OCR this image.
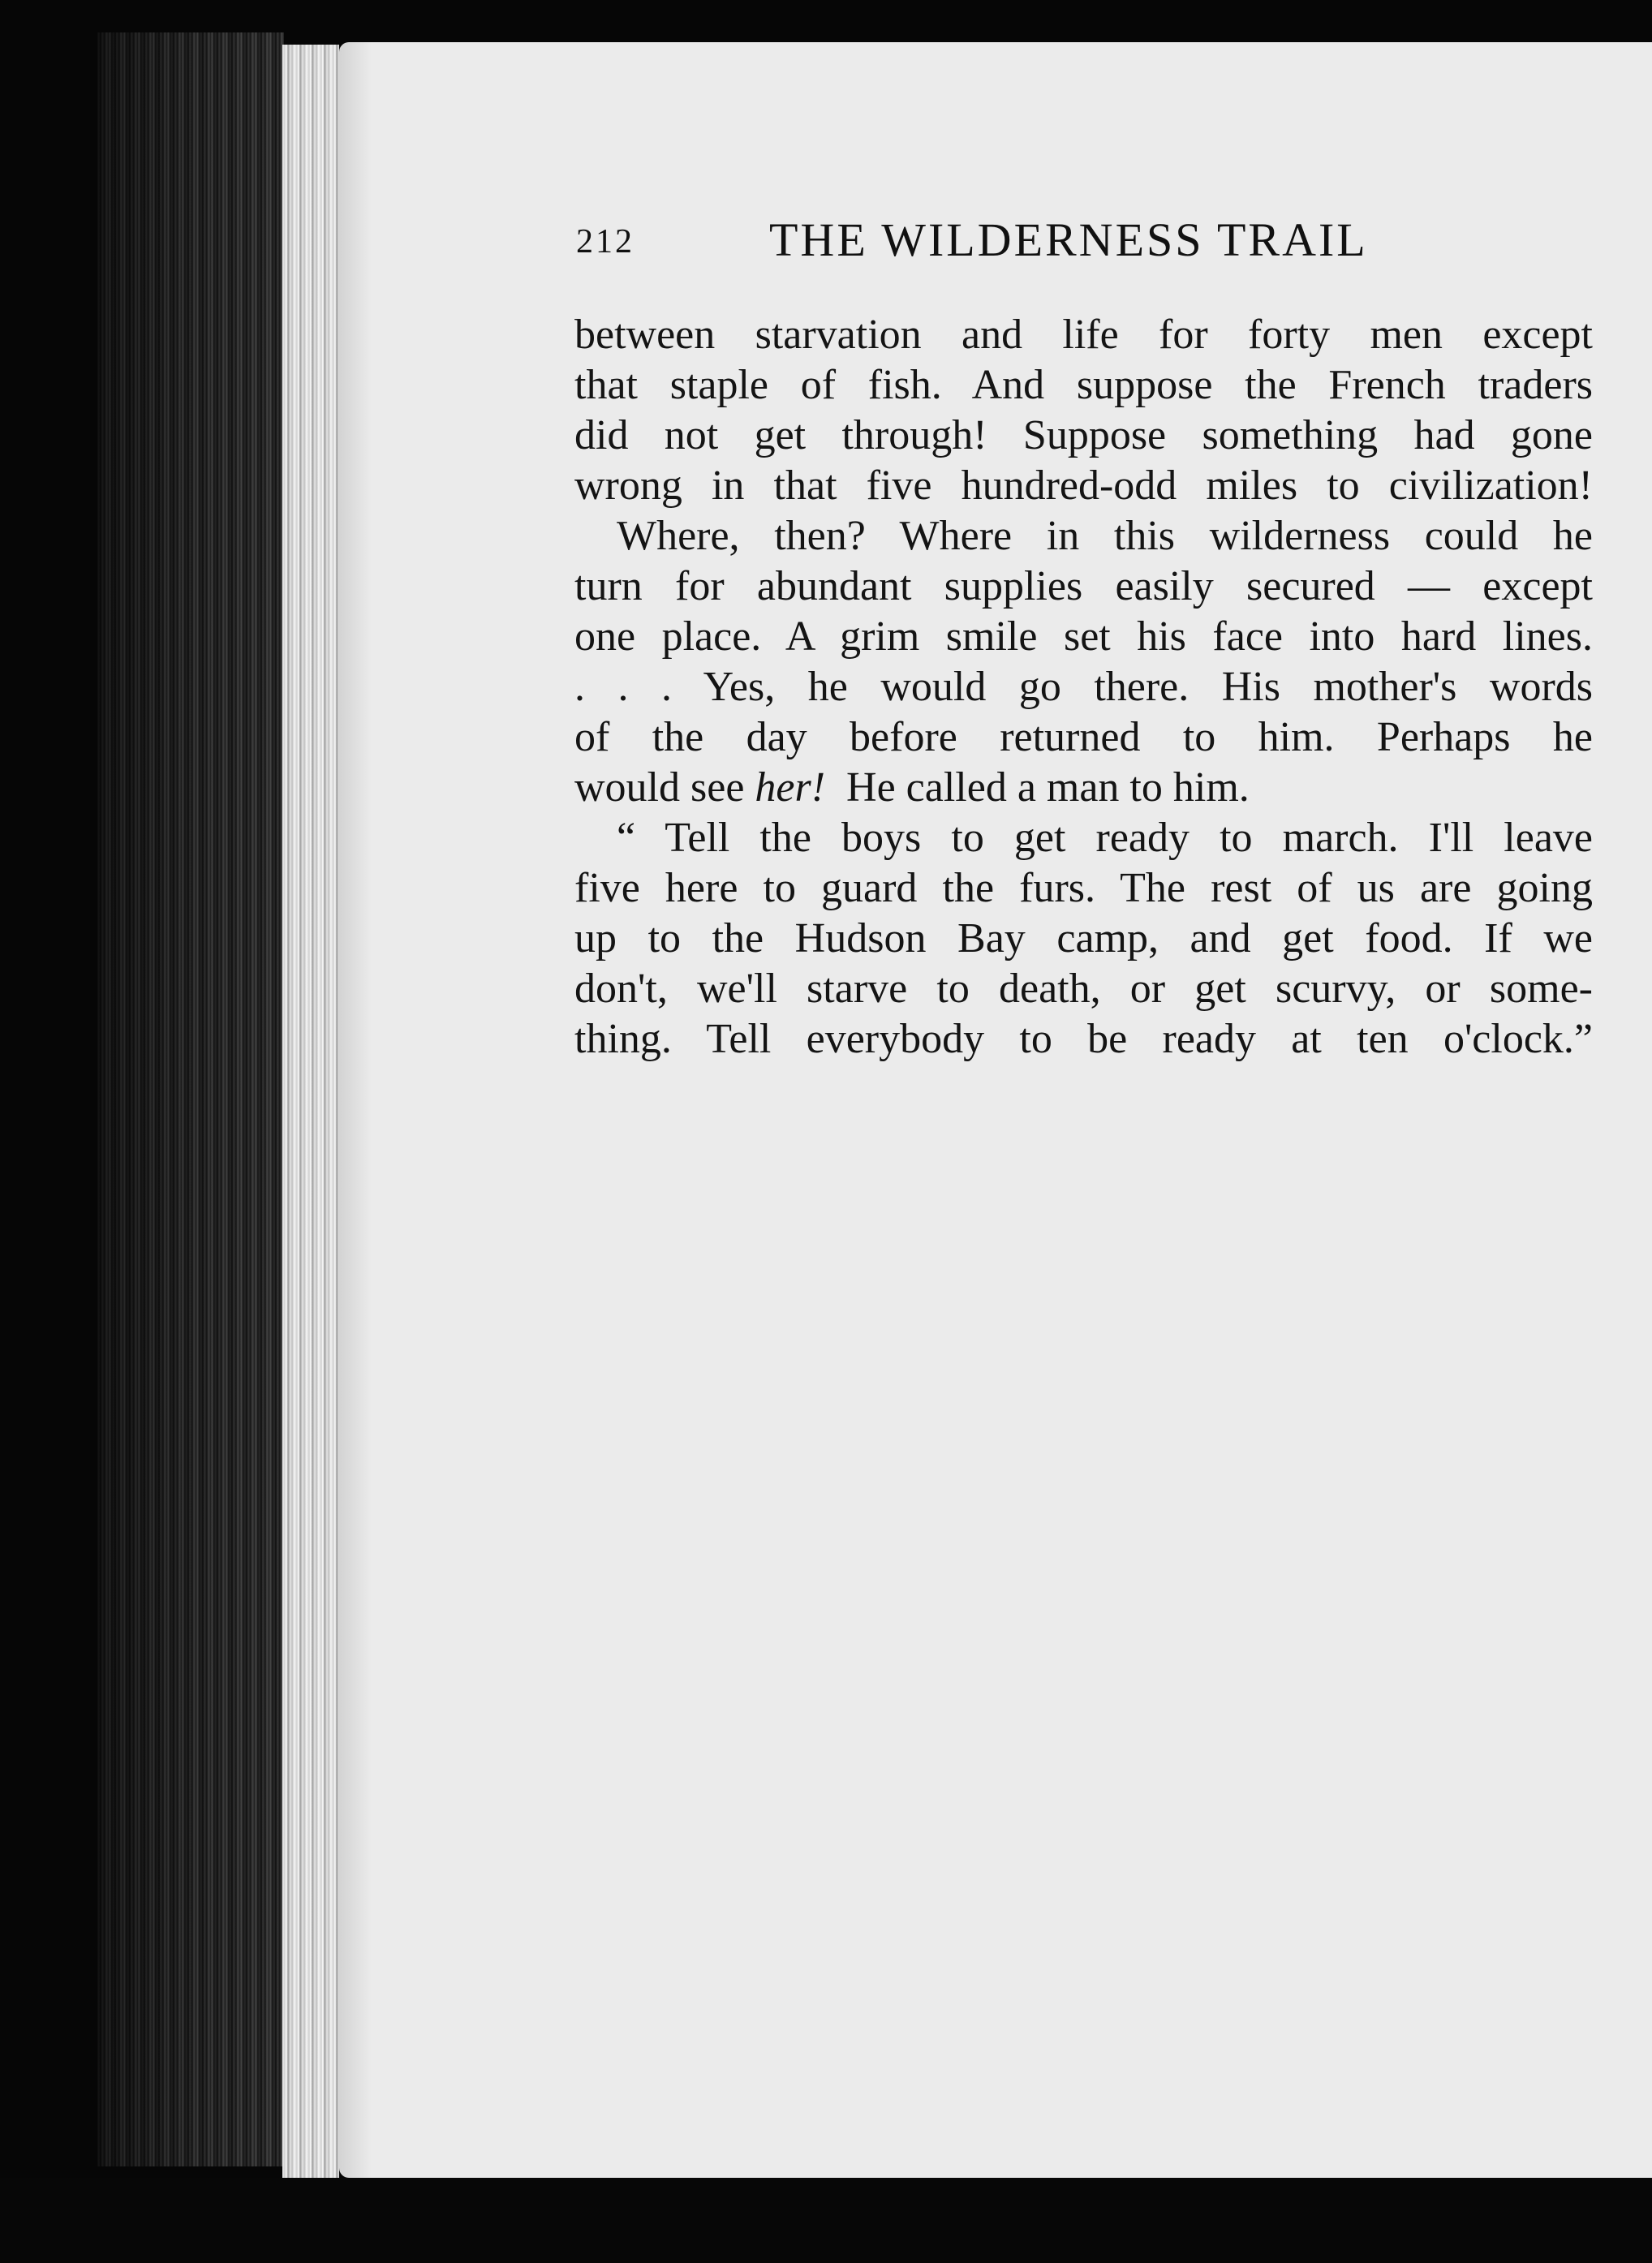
212	THE WILDERNESS TRAIL
between starvation and life for forty men except
that staple of fish. And suppose the French traders
did not get through! Suppose something had gone
wrong in that five hundred-odd miles to civilization!
Where, then? Where in this wilderness could he
turn for abundant supplies easily secured — except
one place. A grim smile set his face into hard lines.
. . . Yes, he would go there. His mother's words
of the day before returned to him. Perhaps he
would see her!  He called a man to him.
“ Tell the boys to get ready to march. I'll leave
five here to guard the furs. The rest of us are going
up to the Hudson Bay camp, and get food. If we
don't, we'll starve to death, or get scurvy, or some-
thing. Tell everybody to be ready at ten o'clock.”
